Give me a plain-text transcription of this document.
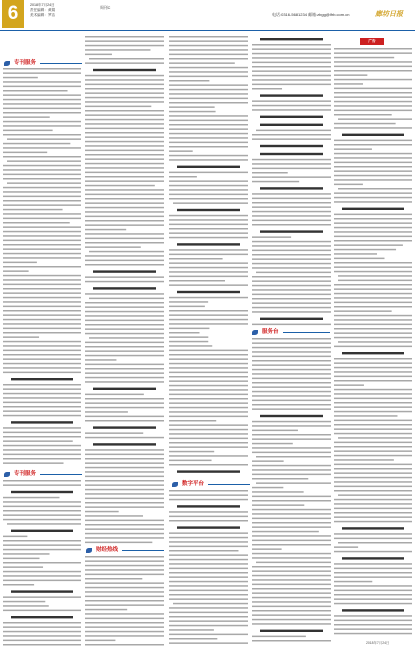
6	2018年7月24日
责任编辑：黄娟
美术编辑：罗洁
周刊C
电话:0316-5681234 邮箱:zbgg@lfrb.com.cn	廊坊日报
专刊服务
专刊服务
财经热线
数字平台
服务台
广告
2018年7月24日
